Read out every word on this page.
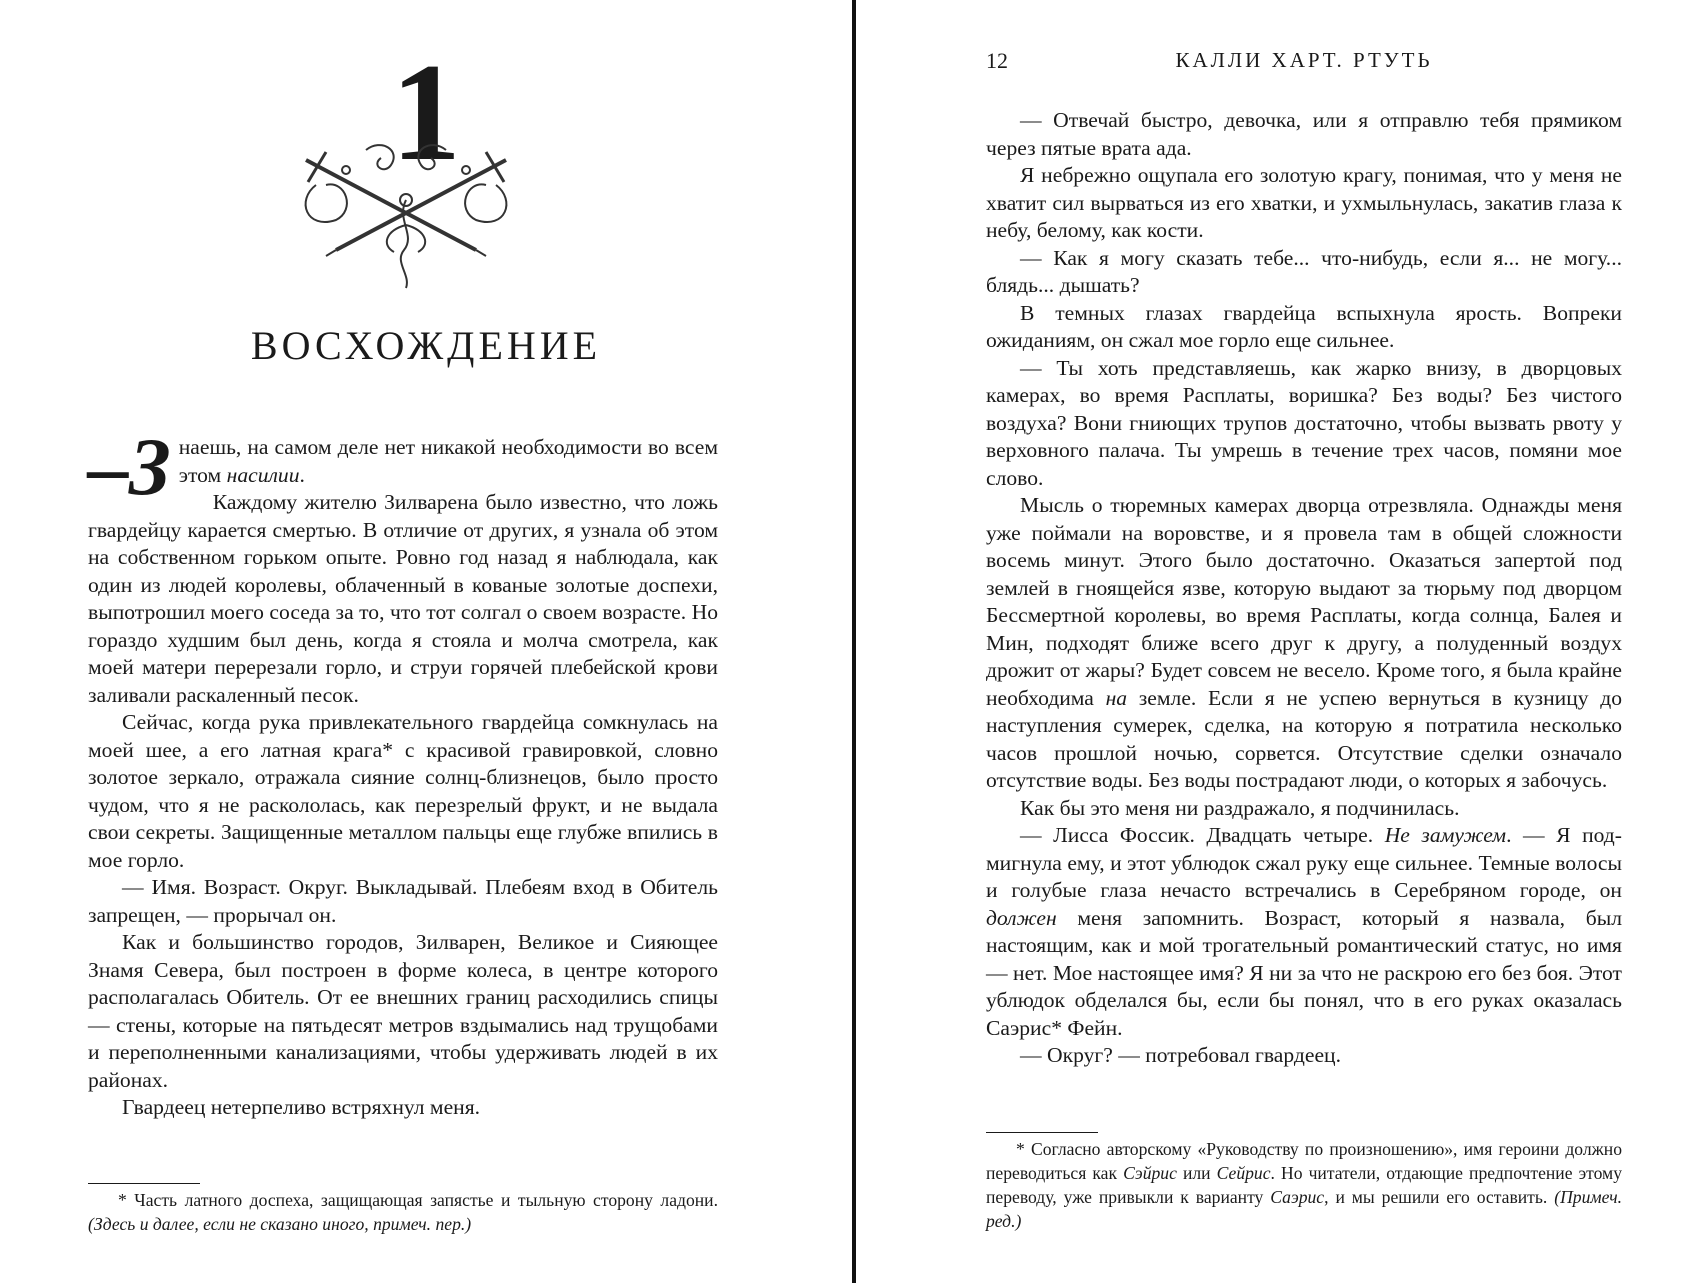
1
ВОСХОЖДЕНИЕ

–З наешь, на самом деле нет никакой необходимости во всем этом насилии.

Каждому жителю Зилварена было известно, что ложь гвардейцу карается смертью. В отличие от других, я узнала об этом на собственном горьком опыте. Ровно год назад я наблюдала, как один из людей королевы, облаченный в кованые золотые доспехи, выпотрошил моего соседа за то, что тот солгал о своем возрасте. Но гораздо худшим был день, когда я стояла и молча смотрела, как моей матери перерезали горло, и струи горячей плебейской крови заливали раскаленный песок.

Сейчас, когда рука привлекательного гвардейца сомкнулась на моей шее, а его латная крага* с красивой гравировкой, словно золотое зеркало, отражала сияние солнц-близнецов, было просто чудом, что я не раскололась, как перезрелый фрукт, и не выдала свои секреты. Защищенные металлом пальцы еще глубже впились в мое горло.

— Имя. Возраст. Округ. Выкладывай. Плебеям вход в Обитель запрещен, — прорычал он.

Как и большинство городов, Зилварен, Великое и Сияющее Знамя Севера, был построен в форме колеса, в центре которого располагалась Обитель. От ее внешних границ расходились спицы — стены, которые на пятьдесят метров вздымались над трущобами и переполненными канализациями, чтобы удерживать людей в их районах.

Гвардеец нетерпеливо встряхнул меня.

* Часть латного доспеха, защищающая запястье и тыльную сторону ладони. (Здесь и далее, если не сказано иного, примеч. пер.)

12	КАЛЛИ ХАРТ. РТУТЬ

— Отвечай быстро, девочка, или я отправлю тебя прямиком через пятые врата ада.

Я небрежно ощупала его золотую крагу, понимая, что у меня не хватит сил вырваться из его хватки, и ухмыльнулась, закатив глаза к небу, белому, как кости.

— Как я могу сказать тебе... что-нибудь, если я... не могу... блядь... дышать?

В темных глазах гвардейца вспыхнула ярость. Вопреки ожиданиям, он сжал мое горло еще сильнее.

— Ты хоть представляешь, как жарко внизу, в дворцовых камерах, во время Расплаты, воришка? Без воды? Без чистого воздуха? Вони гниющих трупов достаточно, чтобы вызвать рвоту у верховного палача. Ты умрешь в течение трех часов, помяни мое слово.

Мысль о тюремных камерах дворца отрезвляла. Однажды меня уже поймали на воровстве, и я провела там в общей сложности восемь минут. Этого было достаточно. Оказаться запертой под землей в гноящейся язве, которую выдают за тюрьму под дворцом Бессмертной королевы, во время Расплаты, когда солнца, Балея и Мин, подходят ближе всего друг к другу, а полуденный воздух дрожит от жары? Будет совсем не весело. Кроме того, я была крайне необходима на земле. Если я не успею вернуться в кузницу до наступления сумерек, сделка, на которую я потратила несколько часов прошлой ночью, сорвется. Отсутствие сделки означало отсутствие воды. Без воды пострадают люди, о которых я забочусь.

Как бы это меня ни раздражало, я подчинилась.

— Лисса Фоссик. Двадцать четыре. Не замужем. — Я подмигнула ему, и этот ублюдок сжал руку еще сильнее. Темные волосы и голубые глаза нечасто встречались в Серебряном городе, он должен меня запомнить. Возраст, который я назвала, был настоящим, как и мой трогательный романтический статус, но имя — нет. Мое настоящее имя? Я ни за что не раскрою его без боя. Этот ублюдок обделался бы, если бы понял, что в его руках оказалась Саэрис* Фейн.

— Округ? — потребовал гвардеец.

* Согласно авторскому «Руководству по произношению», имя героини должно переводиться как Сэйрис или Сейрис. Но читатели, отдающие предпочтение этому переводу, уже привыкли к варианту Саэрис, и мы решили его оставить. (Примеч. ред.)
